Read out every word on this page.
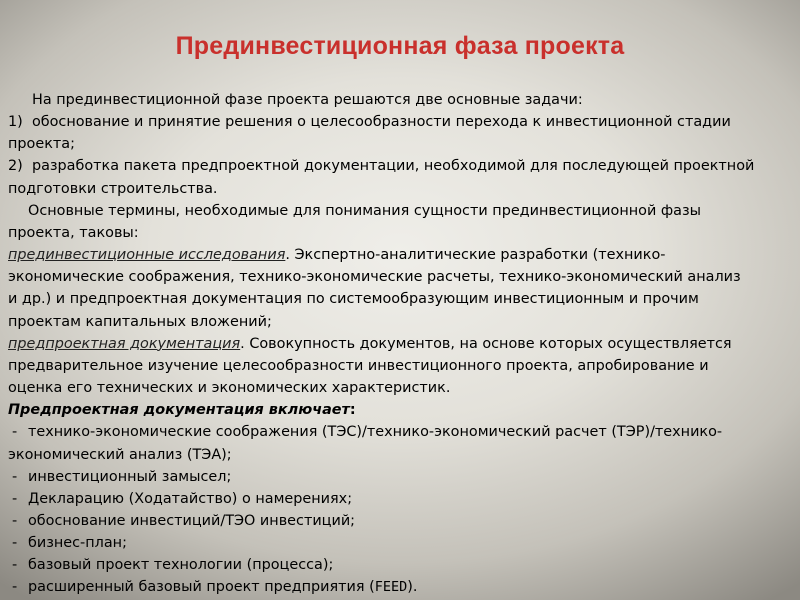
Прединвестиционная фаза проекта
На прединвестиционной фазе проекта решаются две основные задачи:
1) обоснование и принятие решения о целесообразности перехода к инвестиционной стадии
проекта;
2) разработка пакета предпроектной документации, необходимой для последующей проектной
подготовки строительства.
Основные термины, необходимые для понимания сущности прединвестиционной фазы
проекта, таковы:
прединвестиционные исследования. Экспертно-аналитические разработки (технико-
экономические соображения, технико-экономические расчеты, технико-экономический анализ
и др.) и предпроектная документация по системообразующим инвестиционным и прочим
проектам капитальных вложений;
предпроектная документация. Совокупность документов, на основе которых осуществляется
предварительное изучение целесообразности инвестиционного проекта, апробирование и
оценка его технических и экономических характеристик.
Предпроектная документация включает:
- технико-экономические соображения (ТЭС)/технико-экономический расчет (ТЭР)/технико-
экономический анализ (ТЭА);
- инвестиционный замысел;
- Декларацию (Ходатайство) о намерениях;
- обоснование инвестиций/ТЭО инвестиций;
- бизнес-план;
- базовый проект технологии (процесса);
- расширенный базовый проект предприятия (FEED).
